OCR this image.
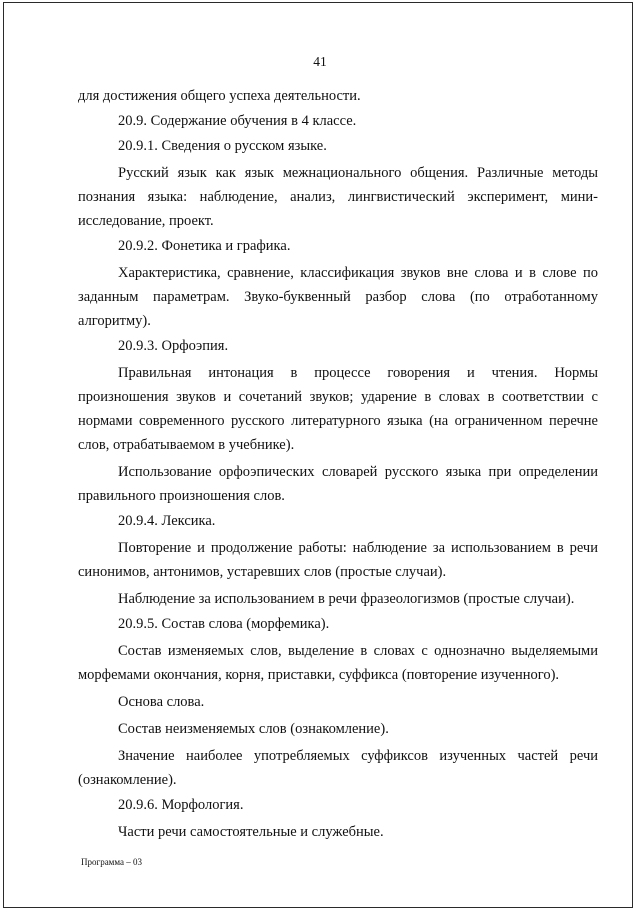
41

для достижения общего успеха деятельности.

20.9. Содержание обучения в 4 классе.

20.9.1. Сведения о русском языке.

Русский язык как язык межнационального общения. Различные методы познания языка: наблюдение, анализ, лингвистический эксперимент, мини-исследование, проект.

20.9.2. Фонетика и графика.

Характеристика, сравнение, классификация звуков вне слова и в слове по заданным параметрам. Звуко-буквенный разбор слова (по отработанному алгоритму).

20.9.3. Орфоэпия.

Правильная интонация в процессе говорения и чтения. Нормы произношения звуков и сочетаний звуков; ударение в словах в соответствии с нормами современного русского литературного языка (на ограниченном перечне слов, отрабатываемом в учебнике).

Использование орфоэпических словарей русского языка при определении правильного произношения слов.

20.9.4. Лексика.

Повторение и продолжение работы: наблюдение за использованием в речи синонимов, антонимов, устаревших слов (простые случаи).

Наблюдение за использованием в речи фразеологизмов (простые случаи).

20.9.5. Состав слова (морфемика).

Состав изменяемых слов, выделение в словах с однозначно выделяемыми морфемами окончания, корня, приставки, суффикса (повторение изученного).

Основа слова.

Состав неизменяемых слов (ознакомление).

Значение наиболее употребляемых суффиксов изученных частей речи (ознакомление).

20.9.6. Морфология.

Части речи самостоятельные и служебные.

Программа – 03
